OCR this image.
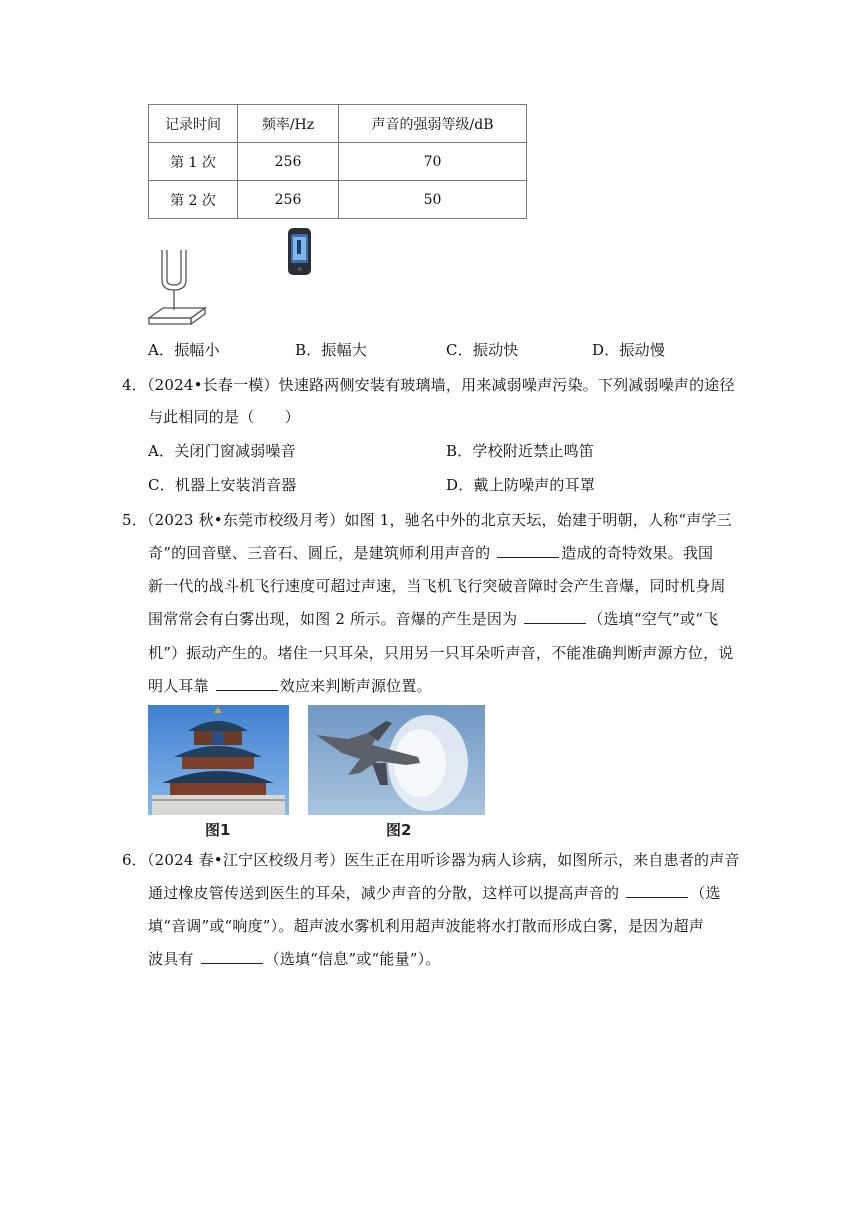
记录时间	频率/Hz	声音的强弱等级/dB
第 1 次	256	70
第 2 次	256	50
A．振幅小	B．振幅大	C．振动快	D．振动慢
4．（2024•长春一模）快速路两侧安装有玻璃墙，用来减弱噪声污染。下列减弱噪声的途径
与此相同的是（　　）
A．关闭门窗减弱噪音	B．学校附近禁止鸣笛
C．机器上安装消音器	D．戴上防噪声的耳罩
5．（2023 秋•东莞市校级月考）如图 1，驰名中外的北京天坛，始建于明朝，人称“声学三
奇”的回音壁、三音石、圆丘，是建筑师利用声音的	造成的奇特效果。我国
新一代的战斗机飞行速度可超过声速，当飞机飞行突破音障时会产生音爆，同时机身周
围常常会有白雾出现，如图 2 所示。音爆的产生是因为	（选填“空气”或“飞
机”）振动产生的。堵住一只耳朵，只用另一只耳朵听声音，不能准确判断声源方位，说
明人耳靠	效应来判断声源位置。
图1	图2
6．（2024 春•江宁区校级月考）医生正在用听诊器为病人诊病，如图所示，来自患者的声音
通过橡皮管传送到医生的耳朵，减少声音的分散，这样可以提高声音的	（选
填“音调”或“响度”）。超声波水雾机利用超声波能将水打散而形成白雾，是因为超声
波具有	（选填“信息”或“能量”）。
